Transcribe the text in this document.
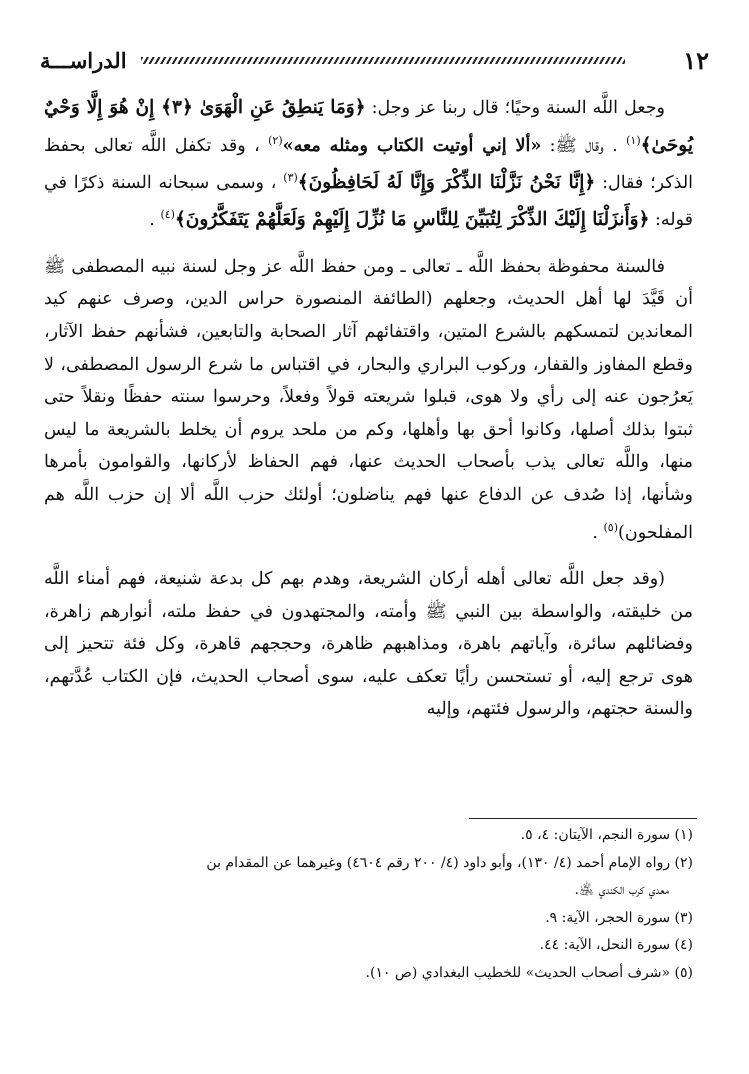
١٢
الدراســـة

وجعل اللَّه السنة وحيًا؛ قال ربنا عز وجل: ﴿وَمَا يَنطِقُ عَنِ الْهَوَىٰ ﴿٣﴾ إِنْ هُوَ إِلَّا وَحْيٌ يُوحَىٰ﴾$^{(١)}$ . وقال ﷺ: «ألا إني أوتيت الكتاب ومثله معه»$^{(٢)}$ ، وقد تكفل اللَّه تعالى بحفظ الذكر؛ فقال: ﴿إِنَّا نَحْنُ نَزَّلْنَا الذِّكْرَ وَإِنَّا لَهُ لَحَافِظُونَ﴾$^{(٣)}$ ، وسمى سبحانه السنة ذكرًا في قوله: ﴿وَأَنزَلْنَا إِلَيْكَ الذِّكْرَ لِتُبَيِّنَ لِلنَّاسِ مَا نُزِّلَ إِلَيْهِمْ وَلَعَلَّهُمْ يَتَفَكَّرُونَ﴾$^{(٤)}$ .

فالسنة محفوظة بحفظ اللَّه ـ تعالى ـ ومن حفظ اللَّه عز وجل لسنة نبيه المصطفى ﷺ أن قَيَّدَ لها أهل الحديث، وجعلهم (الطائفة المنصورة حراس الدين، وصرف عنهم كيد المعاندين لتمسكهم بالشرع المتين، واقتفائهم آثار الصحابة والتابعين، فشأنهم حفظ الآثار، وقطع المفاوز والقفار، وركوب البراري والبحار، في اقتباس ما شرع الرسول المصطفى، لا يَعرُجون عنه إلى رأي ولا هوى، قبلوا شريعته قولاً وفعلاً، وحرسوا سنته حفظًا ونقلاً حتى ثبتوا بذلك أصلها، وكانوا أحق بها وأهلها، وكم من ملحد يروم أن يخلط بالشريعة ما ليس منها، واللَّه تعالى يذب بأصحاب الحديث عنها، فهم الحفاظ لأركانها، والقوامون بأمرها وشأنها، إذا صُدف عن الدفاع عنها فهم يناضلون؛ أولئك حزب اللَّه ألا إن حزب اللَّه هم المفلحون)$^{(٥)}$ .

(وقد جعل اللَّه تعالى أهله أركان الشريعة، وهدم بهم كل بدعة شنيعة، فهم أمناء اللَّه من خليقته، والواسطة بين النبي ﷺ وأمته، والمجتهدون في حفظ ملته، أنوارهم زاهرة، وفضائلهم سائرة، وآياتهم باهرة، ومذاهبهم ظاهرة، وحججهم قاهرة، وكل فئة تتحيز إلى هوى ترجع إليه، أو تستحسن رأيًا تعكف عليه، سوى أصحاب الحديث، فإن الكتاب عُدَّتهم، والسنة حجتهم، والرسول فئتهم، وإليه

(١) سورة النجم، الآيتان: ٤، ٥.

(٢) رواه الإمام أحمد (٤/ ١٣٠)، وأبو داود (٤/ ٢٠٠ رقم ٤٦٠٤) وغيرهما عن المقدام بن

معدي كرب الكندي ﵁.

(٣) سورة الحجر، الآية: ٩.

(٤) سورة النحل، الآية: ٤٤.

(٥) «شرف أصحاب الحديث» للخطيب البغدادي (ص ١٠).
